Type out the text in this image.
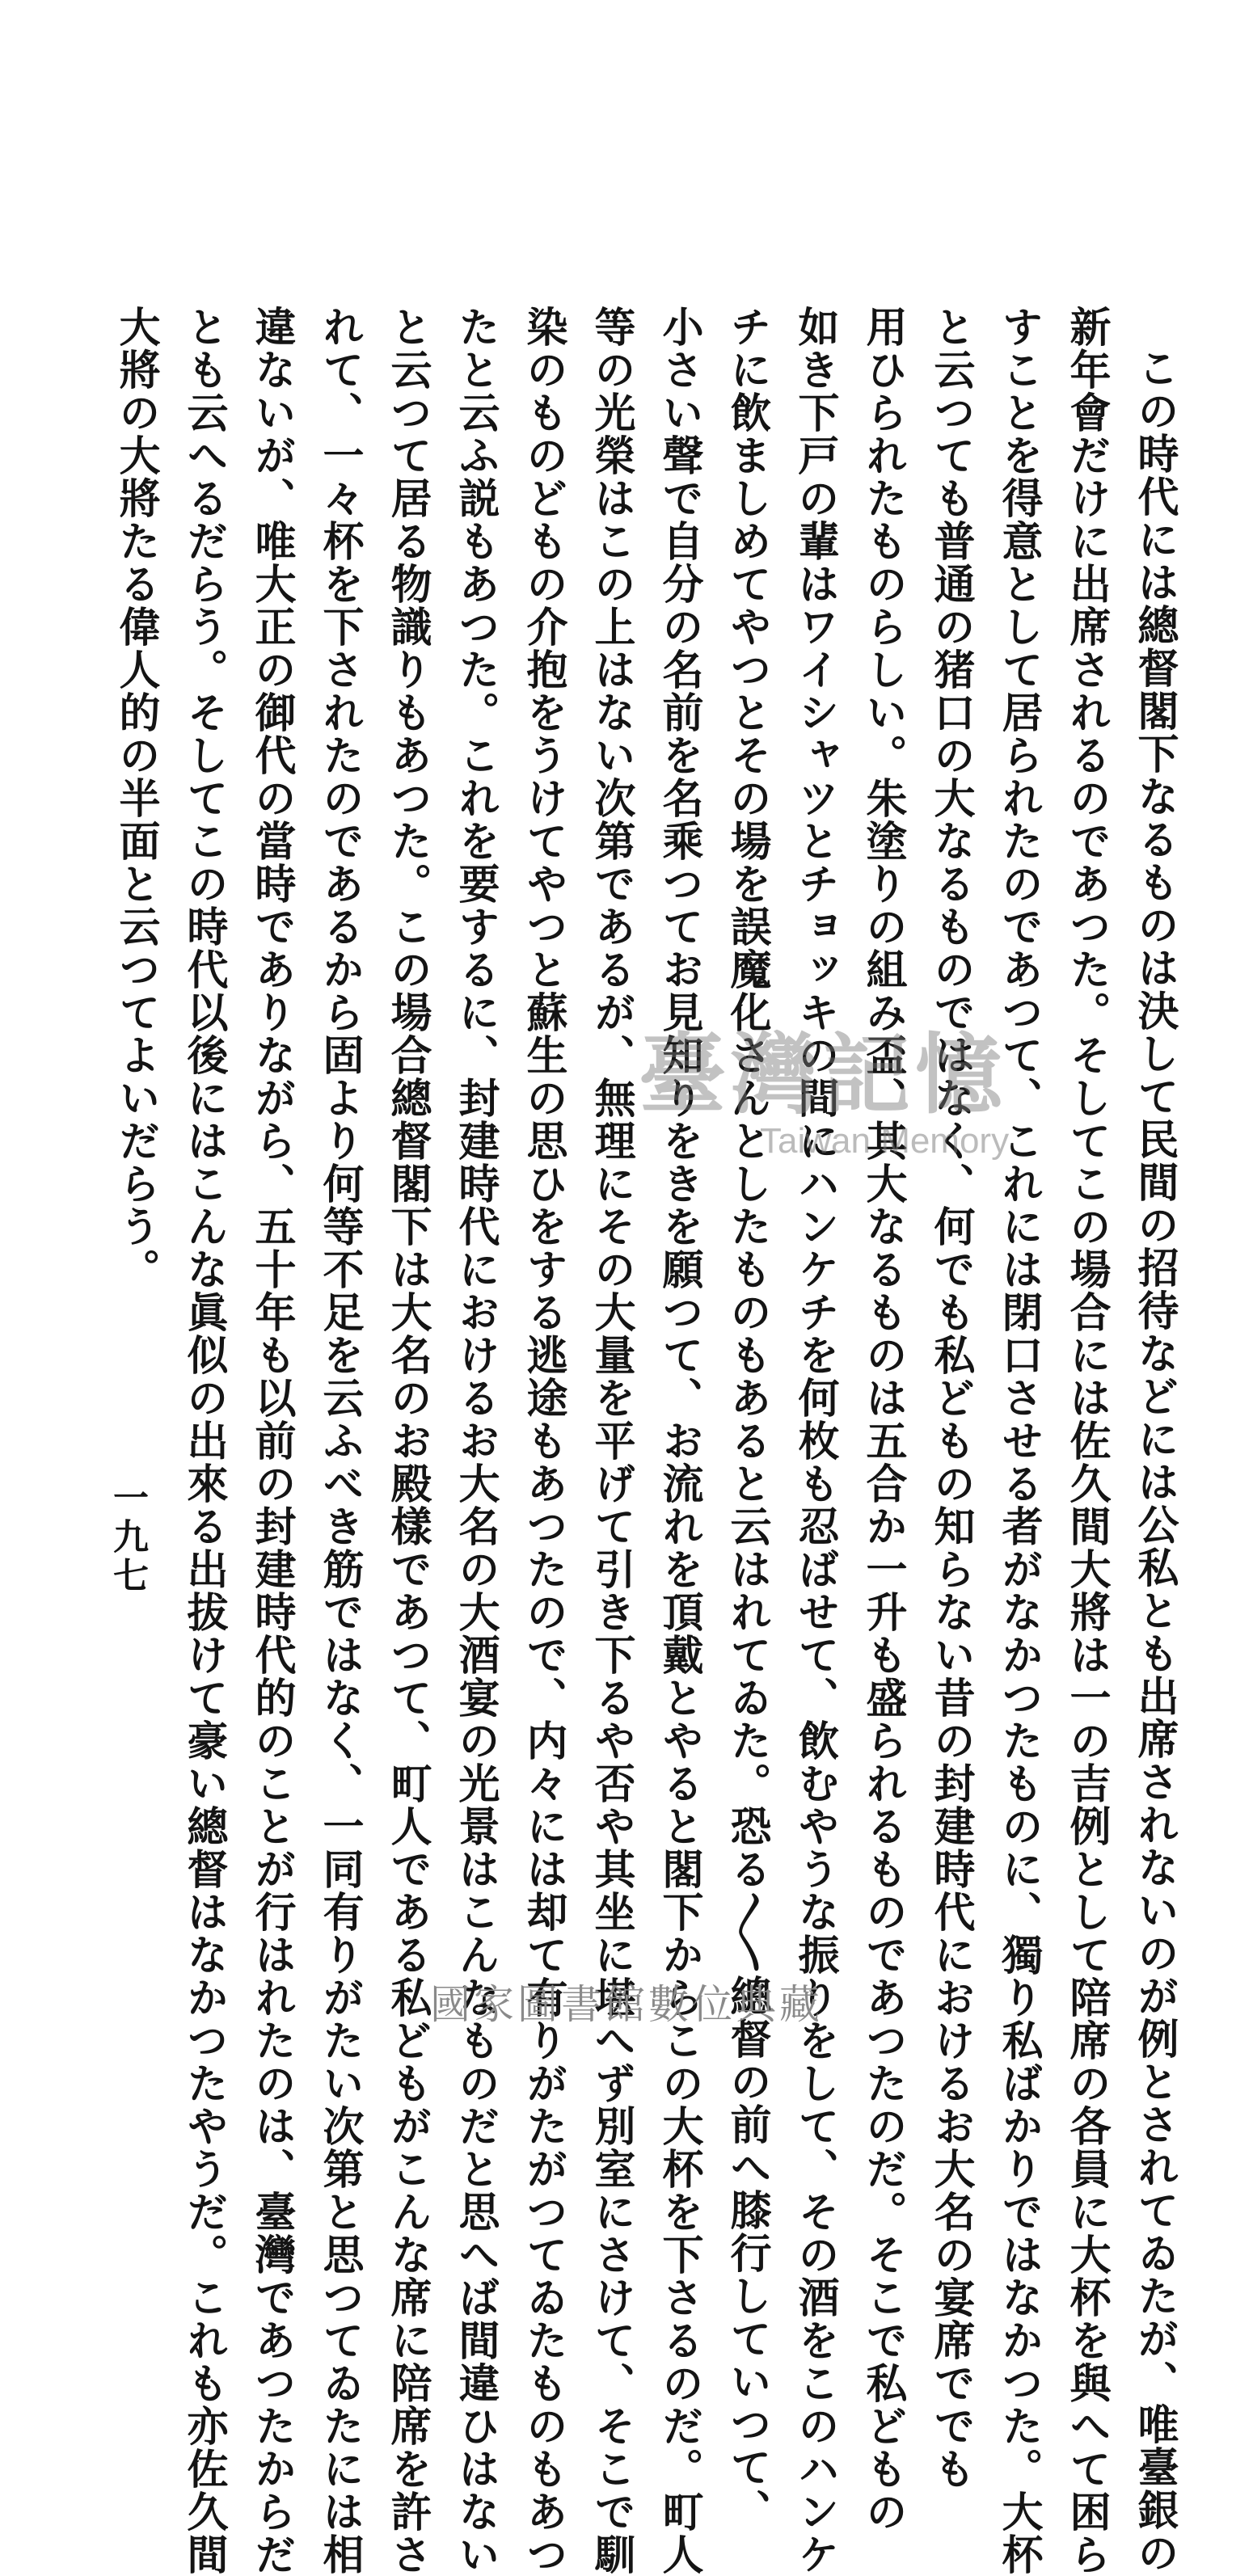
この時代には總督閣下なるものは決して民間の招待などには公私とも出席されないのが例とされてゐたが、唯臺銀の
新年會だけに出席されるのであつた。そしてこの場合には佐久間大將は一の吉例として陪席の各員に大杯を與へて困ら
すことを得意として居られたのであつて、これには閉口させる者がなかつたものに、獨り私ばかりではなかつた。大杯
と云つても普通の猪口の大なるものではなく、何でも私どもの知らない昔の封建時代におけるお大名の宴席ででも
用ひられたものらしい。朱塗りの組み盃、其大なるものは五合か一升も盛られるものであつたのだ。そこで私どもの
如き下戸の輩はワイシャツとチョッキの間にハンケチを何枚も忍ばせて、飲むやうな振りをして、その酒をこのハンケ
チに飲ましめてやつとその場を誤魔化さんとしたものもあると云はれてゐた。恐る〳〵總督の前へ膝行していつて、
小さい聲で自分の名前を名乘つてお見知りをきを願つて、お流れを頂戴とやると閣下からこの大杯を下さるのだ。町人
等の光榮はこの上はない次第であるが、無理にその大量を平げて引き下るや否や其坐に堪へず別室にさけて、そこで馴
染のものどもの介抱をうけてやつと蘇生の思ひをする逃途もあつたので、内々には却て有りがたがつてゐたものもあつ
たと云ふ説もあつた。これを要するに、封建時代におけるお大名の大酒宴の光景はこんなものだと思へば間違ひはない
と云つて居る物識りもあつた。この場合總督閣下は大名のお殿樣であつて、町人である私どもがこんな席に陪席を許さ
れて、一々杯を下されたのであるから固より何等不足を云ふべき筋ではなく、一同有りがたい次第と思つてゐたには相
違ないが、唯大正の御代の當時でありながら、五十年も以前の封建時代的のことが行はれたのは、臺灣であつたからだ
とも云へるだらう。そしてこの時代以後にはこんな眞似の出來る出拔けて豪い總督はなかつたやうだ。これも亦佐久間
大將の大將たる偉人的の半面と云つてよいだらう。
一九七
臺灣記憶
Taiwan Memory
國家圖書館數位典藏
